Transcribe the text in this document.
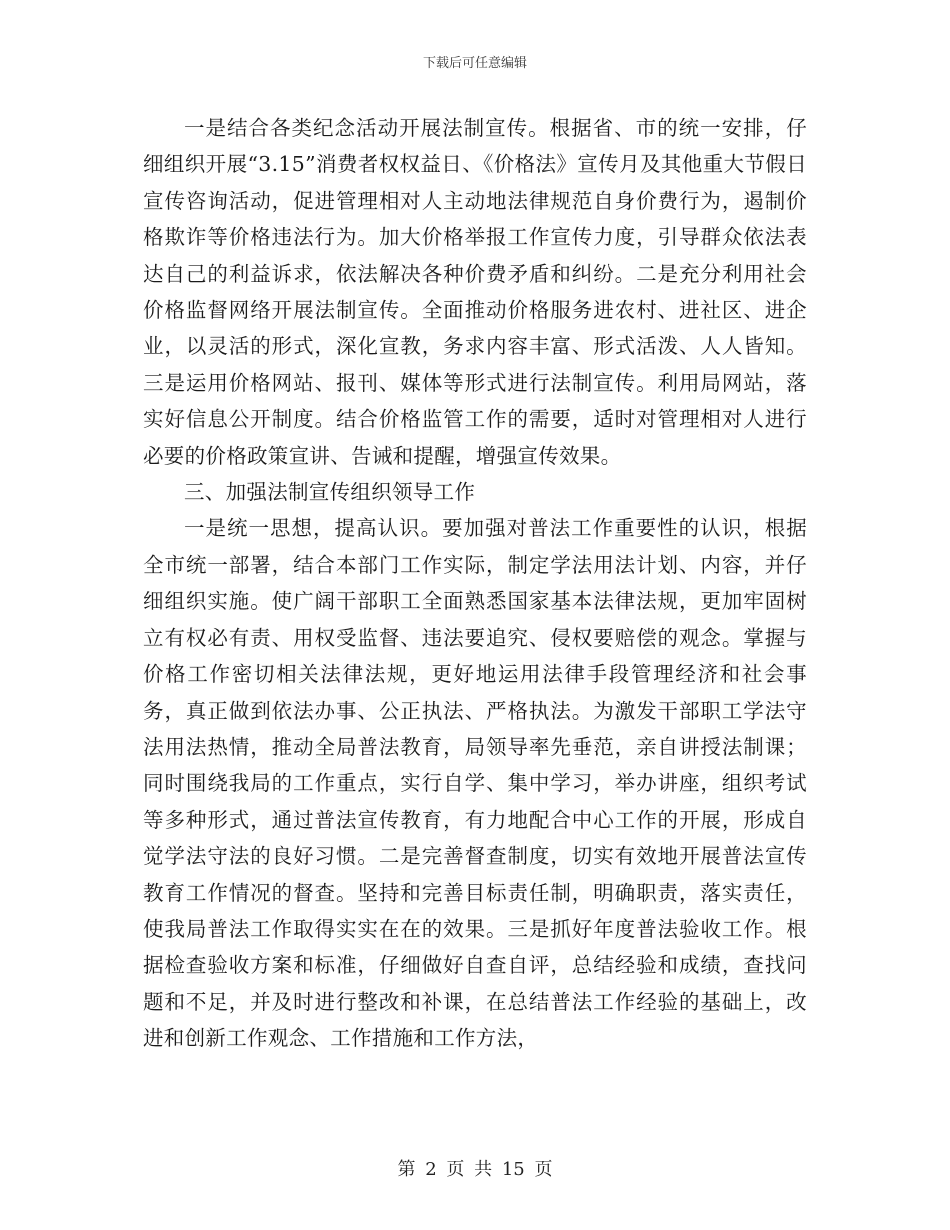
下载后可任意编辑

一是结合各类纪念活动开展法制宣传。根据省、市的统一安排，仔细组织开展“3.15”消费者权权益日、《价格法》宣传月及其他重大节假日宣传咨询活动，促进管理相对人主动地法律规范自身价费行为，遏制价格欺诈等价格违法行为。加大价格举报工作宣传力度，引导群众依法表达自己的利益诉求，依法解决各种价费矛盾和纠纷。二是充分利用社会价格监督网络开展法制宣传。全面推动价格服务进农村、进社区、进企业，以灵活的形式，深化宣教，务求内容丰富、形式活泼、人人皆知。三是运用价格网站、报刊、媒体等形式进行法制宣传。利用局网站，落实好信息公开制度。结合价格监管工作的需要，适时对管理相对人进行必要的价格政策宣讲、告诫和提醒，增强宣传效果。

三、加强法制宣传组织领导工作

一是统一思想，提高认识。要加强对普法工作重要性的认识，根据全市统一部署，结合本部门工作实际，制定学法用法计划、内容，并仔细组织实施。使广阔干部职工全面熟悉国家基本法律法规，更加牢固树立有权必有责、用权受监督、违法要追究、侵权要赔偿的观念。掌握与价格工作密切相关法律法规，更好地运用法律手段管理经济和社会事务，真正做到依法办事、公正执法、严格执法。为激发干部职工学法守法用法热情，推动全局普法教育，局领导率先垂范，亲自讲授法制课；同时围绕我局的工作重点，实行自学、集中学习，举办讲座，组织考试等多种形式，通过普法宣传教育，有力地配合中心工作的开展，形成自觉学法守法的良好习惯。二是完善督查制度，切实有效地开展普法宣传教育工作情况的督查。坚持和完善目标责任制，明确职责，落实责任，使我局普法工作取得实实在在的效果。三是抓好年度普法验收工作。根据检查验收方案和标准，仔细做好自查自评，总结经验和成绩，查找问题和不足，并及时进行整改和补课，在总结普法工作经验的基础上，改进和创新工作观念、工作措施和工作方法，

第 2 页 共 15 页
